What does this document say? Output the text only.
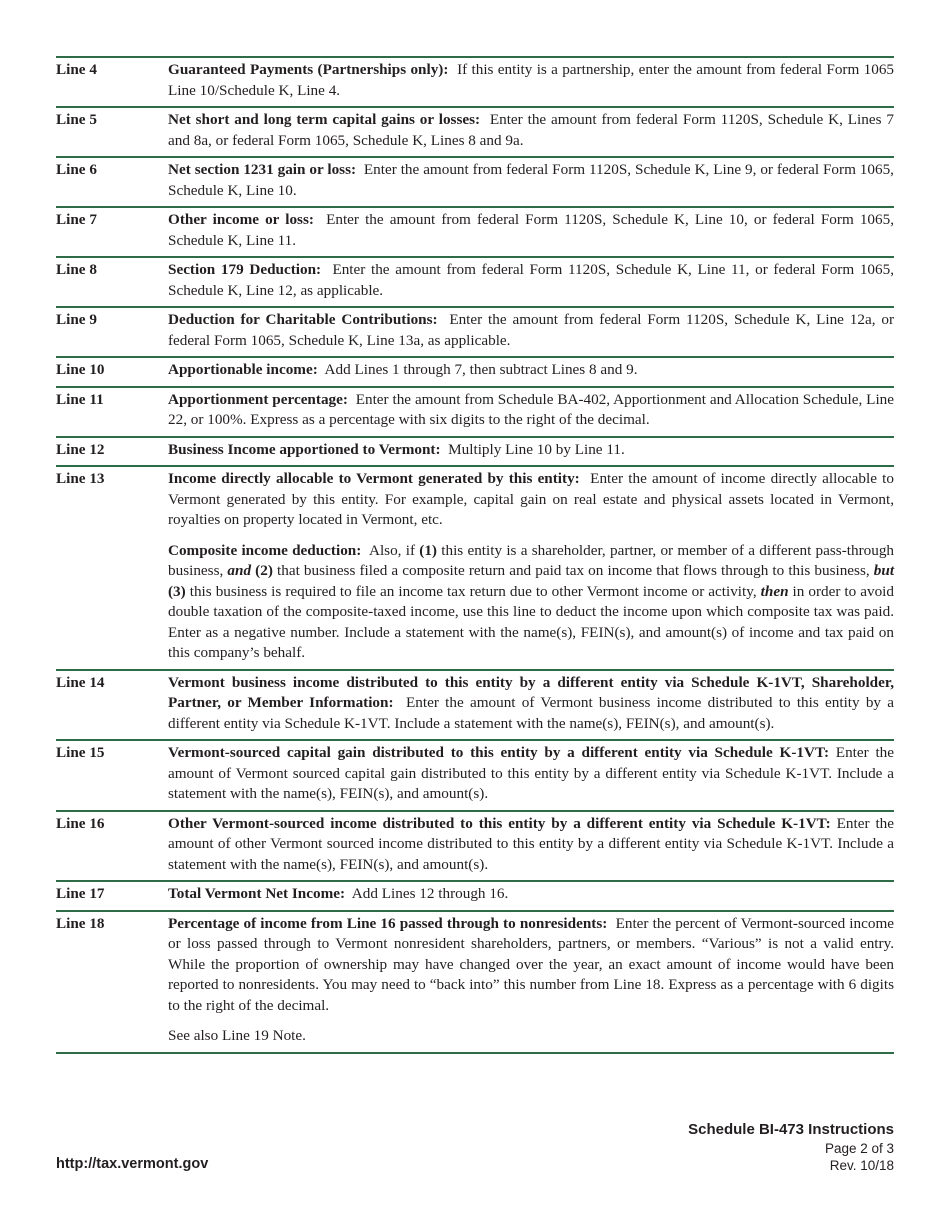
Line 4	Guaranteed Payments (Partnerships only): If this entity is a partnership, enter the amount from federal Form 1065 Line 10/Schedule K, Line 4.

Line 5	Net short and long term capital gains or losses: Enter the amount from federal Form 1120S, Schedule K, Lines 7 and 8a, or federal Form 1065, Schedule K, Lines 8 and 9a.

Line 6	Net section 1231 gain or loss: Enter the amount from federal Form 1120S, Schedule K, Line 9, or federal Form 1065, Schedule K, Line 10.

Line 7	Other income or loss: Enter the amount from federal Form 1120S, Schedule K, Line 10, or federal Form 1065, Schedule K, Line 11.

Line 8	Section 179 Deduction: Enter the amount from federal Form 1120S, Schedule K, Line 11, or federal Form 1065, Schedule K, Line 12, as applicable.

Line 9	Deduction for Charitable Contributions: Enter the amount from federal Form 1120S, Schedule K, Line 12a, or federal Form 1065, Schedule K, Line 13a, as applicable.

Line 10	Apportionable income: Add Lines 1 through 7, then subtract Lines 8 and 9.

Line 11	Apportionment percentage: Enter the amount from Schedule BA-402, Apportionment and Allocation Schedule, Line 22, or 100%. Express as a percentage with six digits to the right of the decimal.

Line 12	Business Income apportioned to Vermont: Multiply Line 10 by Line 11.

Line 13	Income directly allocable to Vermont generated by this entity: Enter the amount of income directly allocable to Vermont generated by this entity. For example, capital gain on real estate and physical assets located in Vermont, royalties on property located in Vermont, etc.

Composite income deduction: Also, if (1) this entity is a shareholder, partner, or member of a different pass-through business, and (2) that business filed a composite return and paid tax on income that flows through to this business, but (3) this business is required to file an income tax return due to other Vermont income or activity, then in order to avoid double taxation of the composite-taxed income, use this line to deduct the income upon which composite tax was paid. Enter as a negative number. Include a statement with the name(s), FEIN(s), and amount(s) of income and tax paid on this company’s behalf.

Line 14	Vermont business income distributed to this entity by a different entity via Schedule K-1VT, Shareholder, Partner, or Member Information: Enter the amount of Vermont business income distributed to this entity by a different entity via Schedule K-1VT. Include a statement with the name(s), FEIN(s), and amount(s).

Line 15	Vermont-sourced capital gain distributed to this entity by a different entity via Schedule K-1VT: Enter the amount of Vermont sourced capital gain distributed to this entity by a different entity via Schedule K-1VT. Include a statement with the name(s), FEIN(s), and amount(s).

Line 16	Other Vermont-sourced income distributed to this entity by a different entity via Schedule K-1VT: Enter the amount of other Vermont sourced income distributed to this entity by a different entity via Schedule K-1VT. Include a statement with the name(s), FEIN(s), and amount(s).

Line 17	Total Vermont Net Income: Add Lines 12 through 16.

Line 18	Percentage of income from Line 16 passed through to nonresidents: Enter the percent of Vermont-sourced income or loss passed through to Vermont nonresident shareholders, partners, or members. “Various” is not a valid entry. While the proportion of ownership may have changed over the year, an exact amount of income would have been reported to nonresidents. You may need to “back into” this number from Line 18. Express as a percentage with 6 digits to the right of the decimal.

See also Line 19 Note.

Schedule BI-473 Instructions
Page 2 of 3
Rev. 10/18
http://tax.vermont.gov
